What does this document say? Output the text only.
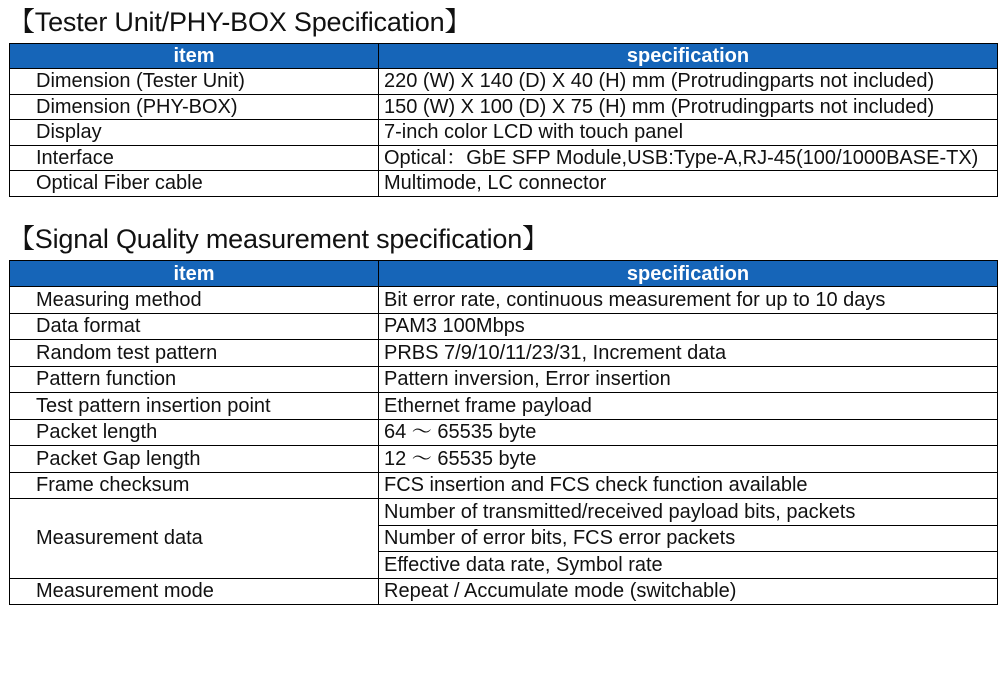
【Tester Unit/PHY-BOX Specification】
item	specification
Dimension (Tester Unit)	220 (W) X 140 (D) X 40 (H) mm (Protrudingparts not included)
Dimension (PHY-BOX)	150 (W) X 100 (D) X 75 (H) mm (Protrudingparts not included)
Display	7-inch color LCD with touch panel
Interface	Optical：GbE SFP Module,USB:Type-A,RJ-45(100/1000BASE-TX)
Optical Fiber cable	Multimode, LC connector
【Signal Quality measurement specification】
item	specification
Measuring method	Bit error rate, continuous measurement for up to 10 days
Data format	PAM3 100Mbps
Random test pattern	PRBS 7/9/10/11/23/31, Increment data
Pattern function	Pattern inversion, Error insertion
Test pattern insertion point	Ethernet frame payload
Packet length	64 ～ 65535 byte
Packet Gap length	12 ～ 65535 byte
Frame checksum	FCS insertion and FCS check function available
Measurement data	Number of transmitted/received payload bits, packets
	Number of error bits, FCS error packets
	Effective data rate, Symbol rate
Measurement mode	Repeat / Accumulate mode (switchable)
